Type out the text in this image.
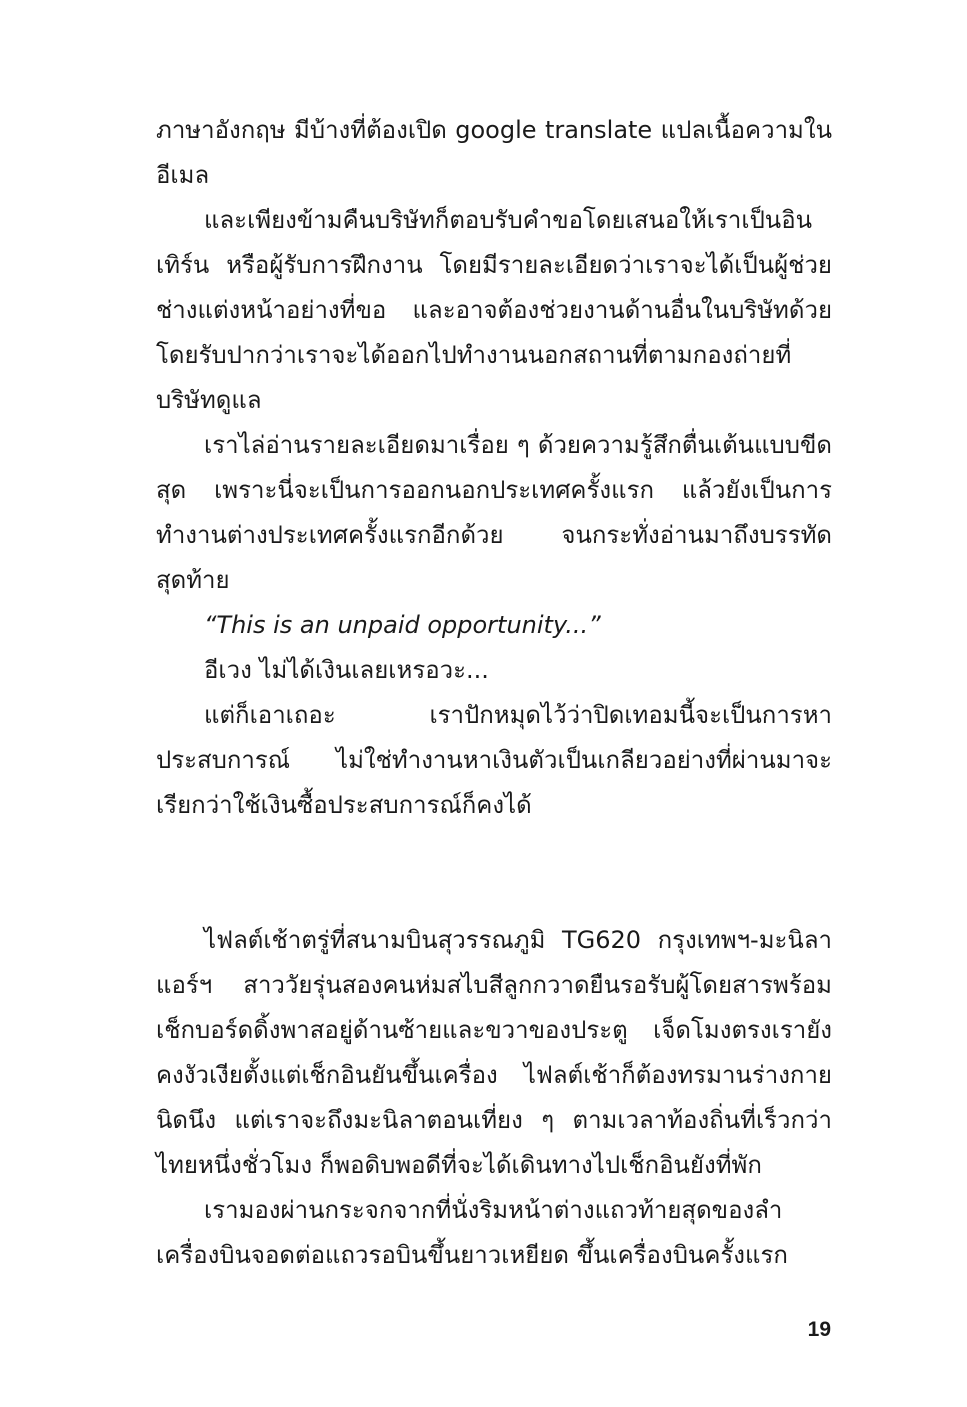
ภาษาอังกฤษ มีบ้างที่ต้องเปิด google translate แปลเนื้อความในอีเมล

และเพียงข้ามคืนบริษัทก็ตอบรับคำขอโดยเสนอให้เราเป็นอินเทิร์น หรือผู้รับการฝึกงาน โดยมีรายละเอียดว่าเราจะได้เป็นผู้ช่วยช่างแต่งหน้าอย่างที่ขอ และอาจต้องช่วยงานด้านอื่นในบริษัทด้วย โดยรับปากว่าเราจะได้ออกไปทำงานนอกสถานที่ตามกองถ่ายที่บริษัทดูแล

เราไล่อ่านรายละเอียดมาเรื่อย ๆ ด้วยความรู้สึกตื่นเต้นแบบขีดสุด เพราะนี่จะเป็นการออกนอกประเทศครั้งแรก แล้วยังเป็นการทำงานต่างประเทศครั้งแรกอีกด้วย จนกระทั่งอ่านมาถึงบรรทัดสุดท้าย

“This is an unpaid opportunity...”

อีเวง ไม่ได้เงินเลยเหรอวะ...

แต่ก็เอาเถอะ เราปักหมุดไว้ว่าปิดเทอมนี้จะเป็นการหาประสบการณ์ ไม่ใช่ทำงานหาเงินตัวเป็นเกลียวอย่างที่ผ่านมาจะเรียกว่าใช้เงินซื้อประสบการณ์ก็คงได้

ไฟลต์เช้าตรู่ที่สนามบินสุวรรณภูมิ TG620 กรุงเทพฯ-มะนิลาแอร์ฯ สาววัยรุ่นสองคนห่มสไบสีลูกกวาดยืนรอรับผู้โดยสารพร้อมเช็กบอร์ดดิ้งพาสอยู่ด้านซ้ายและขวาของประตู เจ็ดโมงตรงเรายังคงงัวเงียตั้งแต่เช็กอินยันขึ้นเครื่อง ไฟลต์เช้าก็ต้องทรมานร่างกายนิดนึง แต่เราจะถึงมะนิลาตอนเที่ยง ๆ ตามเวลาท้องถิ่นที่เร็วกว่าไทยหนึ่งชั่วโมง ก็พอดิบพอดีที่จะได้เดินทางไปเช็กอินยังที่พัก

เรามองผ่านกระจกจากที่นั่งริมหน้าต่างแถวท้ายสุดของลำเครื่องบินจอดต่อแถวรอบินขึ้นยาวเหยียด ขึ้นเครื่องบินครั้งแรก

19
